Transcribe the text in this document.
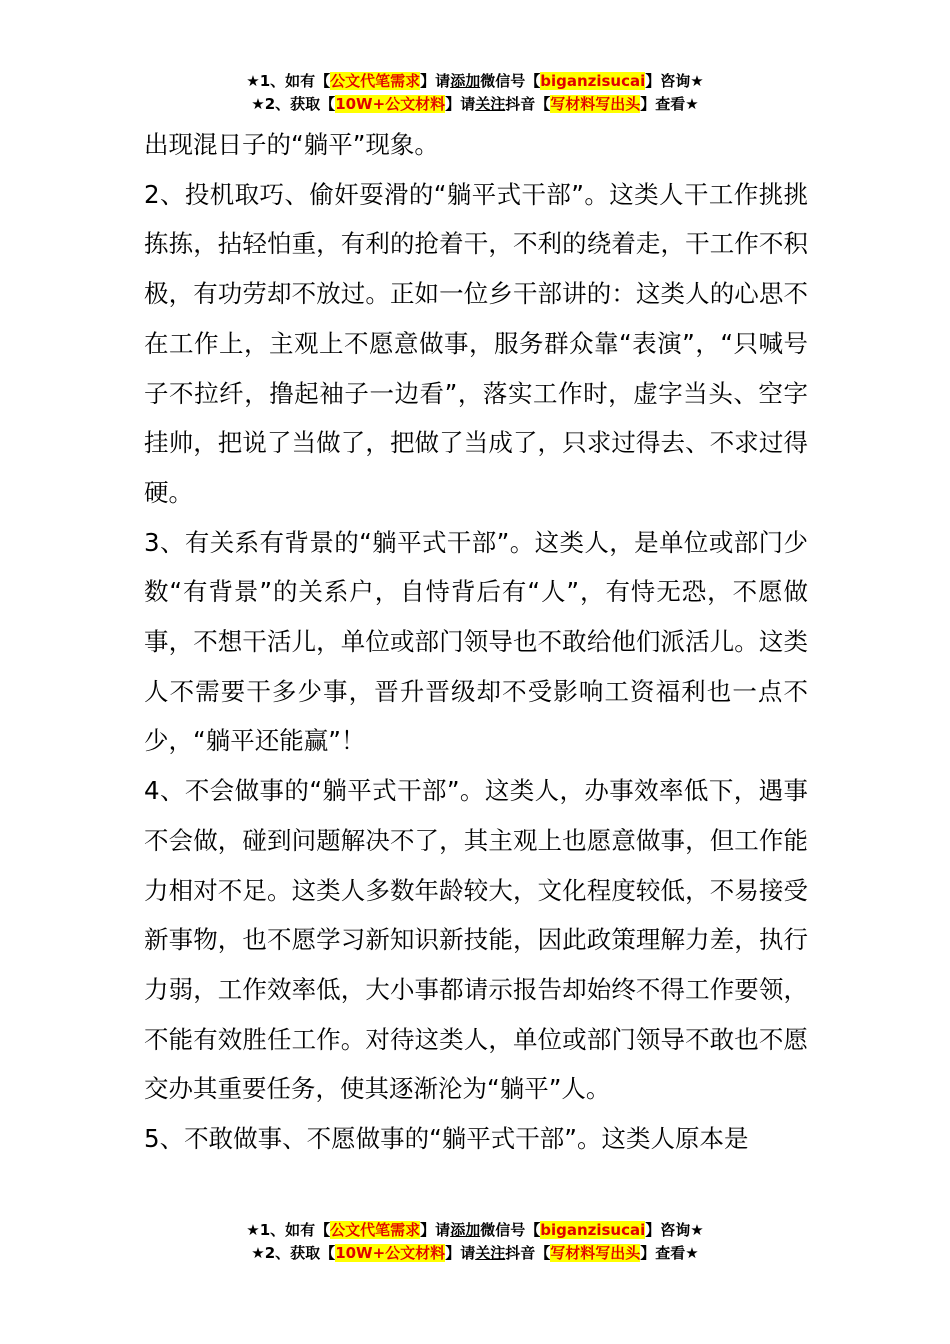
★1、如有【公文代笔需求】请添加微信号【biganzisucai】咨询★
★2、获取【10W+公文材料】请关注抖音【写材料写出头】查看★

出现混日子的“躺平”现象。

2、投机取巧、偷奸耍滑的“躺平式干部”。这类人干工作挑挑拣拣，拈轻怕重，有利的抢着干，不利的绕着走，干工作不积极，有功劳却不放过。正如一位乡干部讲的：这类人的心思不在工作上，主观上不愿意做事，服务群众靠“表演”，“只喊号子不拉纤，撸起袖子一边看”，落实工作时，虚字当头、空字挂帅，把说了当做了，把做了当成了，只求过得去、不求过得硬。

3、有关系有背景的“躺平式干部”。这类人，是单位或部门少数“有背景”的关系户，自恃背后有“人”，有恃无恐，不愿做事，不想干活儿，单位或部门领导也不敢给他们派活儿。这类人不需要干多少事，晋升晋级却不受影响工资福利也一点不少，“躺平还能赢”！

4、不会做事的“躺平式干部”。这类人，办事效率低下，遇事不会做，碰到问题解决不了，其主观上也愿意做事，但工作能力相对不足。这类人多数年龄较大，文化程度较低，不易接受新事物，也不愿学习新知识新技能，因此政策理解力差，执行力弱，工作效率低，大小事都请示报告却始终不得工作要领，不能有效胜任工作。对待这类人，单位或部门领导不敢也不愿交办其重要任务，使其逐渐沦为“躺平”人。

5、不敢做事、不愿做事的“躺平式干部”。这类人原本是

★1、如有【公文代笔需求】请添加微信号【biganzisucai】咨询★
★2、获取【10W+公文材料】请关注抖音【写材料写出头】查看★
